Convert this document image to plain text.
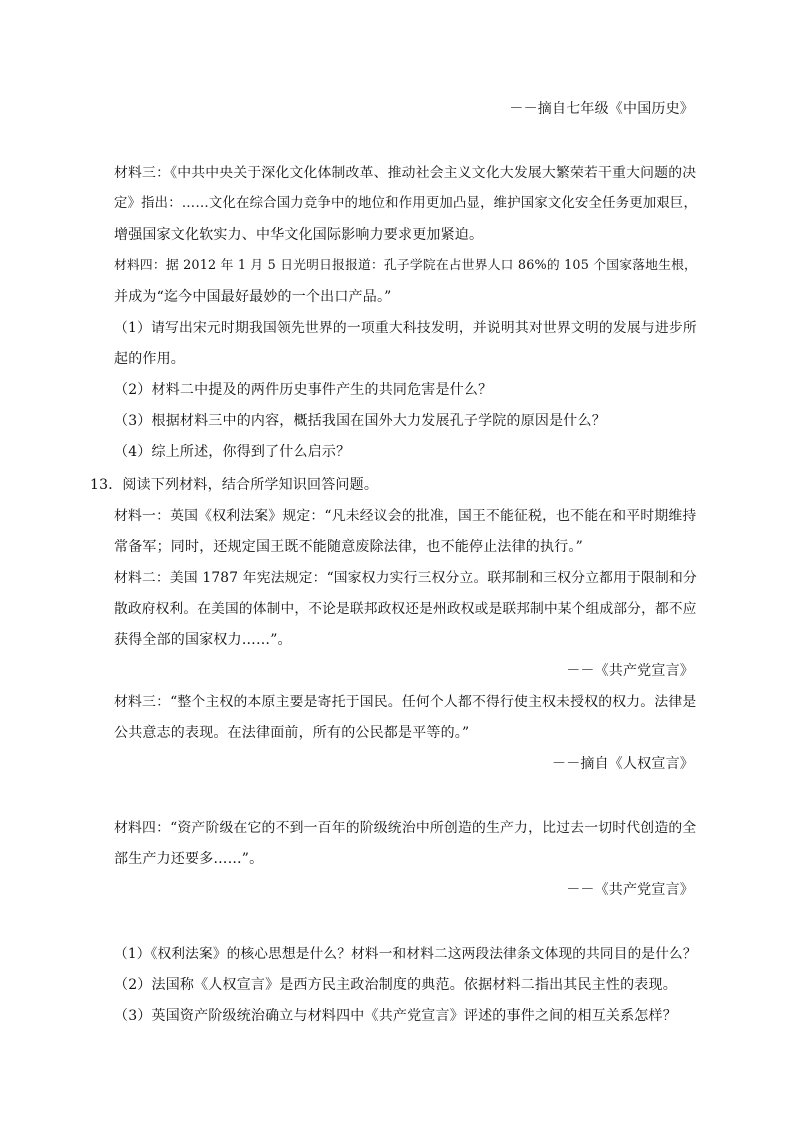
－－摘自七年级《中国历史》
材料三：《中共中央关于深化文化体制改革、推动社会主义文化大发展大繁荣若干重大问题的决
定》指出：……文化在综合国力竞争中的地位和作用更加凸显，维护国家文化安全任务更加艰巨，
增强国家文化软实力、中华文化国际影响力要求更加紧迫。
材料四：据 2012 年 1 月 5 日光明日报报道：孔子学院在占世界人口 86%的 105 个国家落地生根，
并成为“迄今中国最好最妙的一个出口产品。”
（1）请写出宋元时期我国领先世界的一项重大科技发明，并说明其对世界文明的发展与进步所
起的作用。
（2）材料二中提及的两件历史事件产生的共同危害是什么？
（3）根据材料三中的内容，概括我国在国外大力发展孔子学院的原因是什么？
（4）综上所述，你得到了什么启示？
13．阅读下列材料，结合所学知识回答问题。
材料一：英国《权利法案》规定：“凡未经议会的批准，国王不能征税，也不能在和平时期维持
常备军；同时，还规定国王既不能随意废除法律，也不能停止法律的执行。”
材料二：美国 1787 年宪法规定：“国家权力实行三权分立。联邦制和三权分立都用于限制和分
散政府权利。在美国的体制中，不论是联邦政权还是州政权或是联邦制中某个组成部分，都不应
获得全部的国家权力……”。
－－《共产党宣言》
材料三：“整个主权的本原主要是寄托于国民。任何个人都不得行使主权未授权的权力。法律是
公共意志的表现。在法律面前，所有的公民都是平等的。”
－－摘自《人权宣言》
材料四：“资产阶级在它的不到一百年的阶级统治中所创造的生产力，比过去一切时代创造的全
部生产力还要多……”。
－－《共产党宣言》
（1）《权利法案》的核心思想是什么？材料一和材料二这两段法律条文体现的共同目的是什么？
（2）法国称《人权宣言》是西方民主政治制度的典范。依据材料二指出其民主性的表现。
（3）英国资产阶级统治确立与材料四中《共产党宣言》评述的事件之间的相互关系怎样？
